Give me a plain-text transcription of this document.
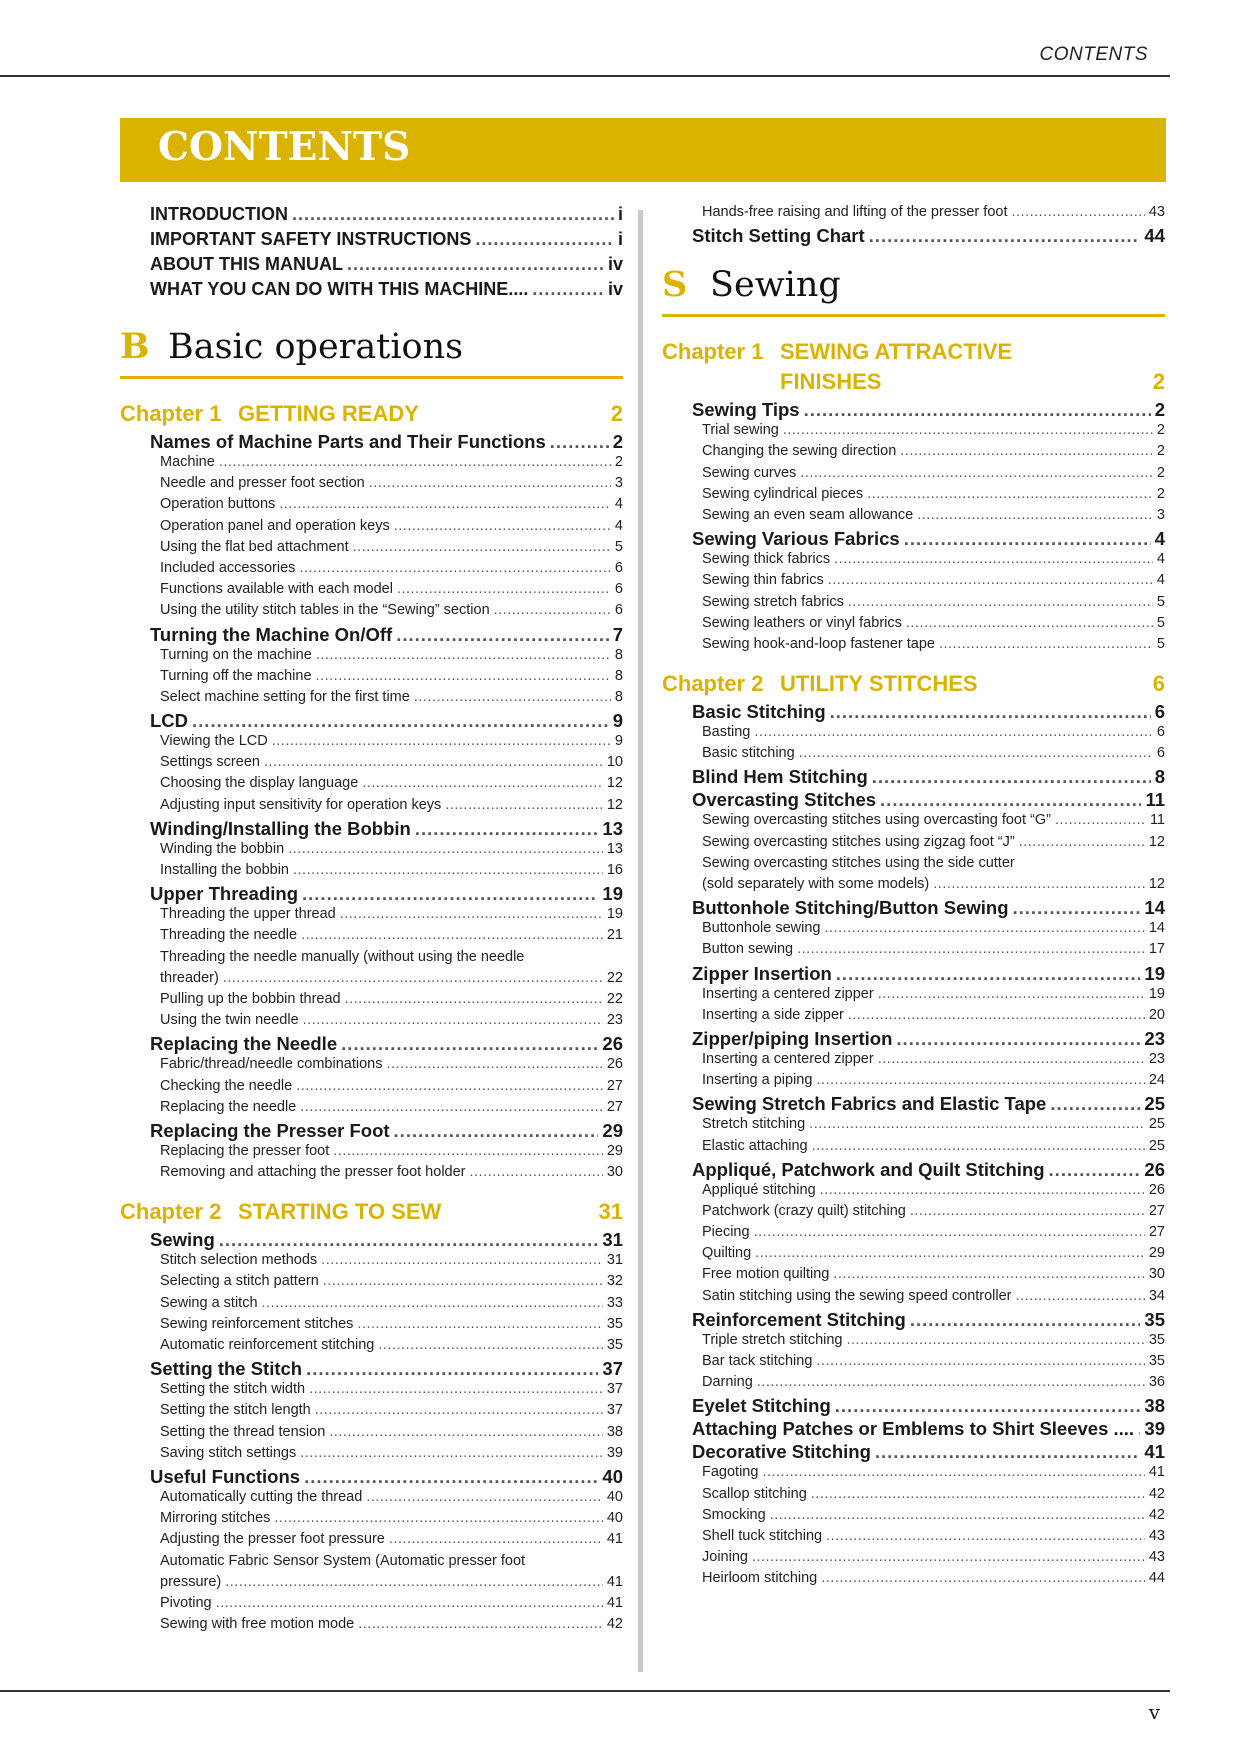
CONTENTS
CONTENTS
INTRODUCTION .....	i
IMPORTANT SAFETY INSTRUCTIONS .....	i
ABOUT THIS MANUAL .....	iv
WHAT YOU CAN DO WITH THIS MACHINE.... .....	iv
B Basic operations
Chapter 1 GETTING READY	2
Names of Machine Parts and Their Functions .....	2
Machine .....	2
Needle and presser foot section .....	3
Operation buttons .....	4
Operation panel and operation keys .....	4
Using the flat bed attachment .....	5
Included accessories .....	6
Functions available with each model .....	6
Using the utility stitch tables in the “Sewing” section .....	6
Turning the Machine On/Off .....	7
Turning on the machine .....	8
Turning off the machine .....	8
Select machine setting for the first time .....	8
LCD .....	9
Viewing the LCD .....	9
Settings screen .....	10
Choosing the display language .....	12
Adjusting input sensitivity for operation keys .....	12
Winding/Installing the Bobbin .....	13
Winding the bobbin .....	13
Installing the bobbin .....	16
Upper Threading .....	19
Threading the upper thread .....	19
Threading the needle .....	21
Threading the needle manually (without using the needle
threader) .....	22
Pulling up the bobbin thread .....	22
Using the twin needle .....	23
Replacing the Needle .....	26
Fabric/thread/needle combinations .....	26
Checking the needle .....	27
Replacing the needle .....	27
Replacing the Presser Foot .....	29
Replacing the presser foot .....	29
Removing and attaching the presser foot holder .....	30
Chapter 2 STARTING TO SEW	31
Sewing .....	31
Stitch selection methods .....	31
Selecting a stitch pattern .....	32
Sewing a stitch .....	33
Sewing reinforcement stitches .....	35
Automatic reinforcement stitching .....	35
Setting the Stitch .....	37
Setting the stitch width .....	37
Setting the stitch length .....	37
Setting the thread tension .....	38
Saving stitch settings .....	39
Useful Functions .....	40
Automatically cutting the thread .....	40
Mirroring stitches .....	40
Adjusting the presser foot pressure .....	41
Automatic Fabric Sensor System (Automatic presser foot
pressure) .....	41
Pivoting .....	41
Sewing with free motion mode .....	42
Hands-free raising and lifting of the presser foot .....	43
Stitch Setting Chart .....	44
S Sewing
Chapter 1 SEWING ATTRACTIVE
FINISHES	2
Sewing Tips .....	2
Trial sewing .....	2
Changing the sewing direction .....	2
Sewing curves .....	2
Sewing cylindrical pieces .....	2
Sewing an even seam allowance .....	3
Sewing Various Fabrics .....	4
Sewing thick fabrics .....	4
Sewing thin fabrics .....	4
Sewing stretch fabrics .....	5
Sewing leathers or vinyl fabrics .....	5
Sewing hook-and-loop fastener tape .....	5
Chapter 2 UTILITY STITCHES	6
Basic Stitching .....	6
Basting .....	6
Basic stitching .....	6
Blind Hem Stitching .....	8
Overcasting Stitches .....	11
Sewing overcasting stitches using overcasting foot “G” .....	11
Sewing overcasting stitches using zigzag foot “J” .....	12
Sewing overcasting stitches using the side cutter
(sold separately with some models) .....	12
Buttonhole Stitching/Button Sewing .....	14
Buttonhole sewing .....	14
Button sewing .....	17
Zipper Insertion .....	19
Inserting a centered zipper .....	19
Inserting a side zipper .....	20
Zipper/piping Insertion .....	23
Inserting a centered zipper .....	23
Inserting a piping .....	24
Sewing Stretch Fabrics and Elastic Tape .....	25
Stretch stitching .....	25
Elastic attaching .....	25
Appliqué, Patchwork and Quilt Stitching .....	26
Appliqué stitching .....	26
Patchwork (crazy quilt) stitching .....	27
Piecing .....	27
Quilting .....	29
Free motion quilting .....	30
Satin stitching using the sewing speed controller .....	34
Reinforcement Stitching .....	35
Triple stretch stitching .....	35
Bar tack stitching .....	35
Darning .....	36
Eyelet Stitching .....	38
Attaching Patches or Emblems to Shirt Sleeves .... ..... 39
Decorative Stitching .....	41
Fagoting .....	41
Scallop stitching .....	42
Smocking .....	42
Shell tuck stitching .....	43
Joining .....	43
Heirloom stitching .....	44
v
